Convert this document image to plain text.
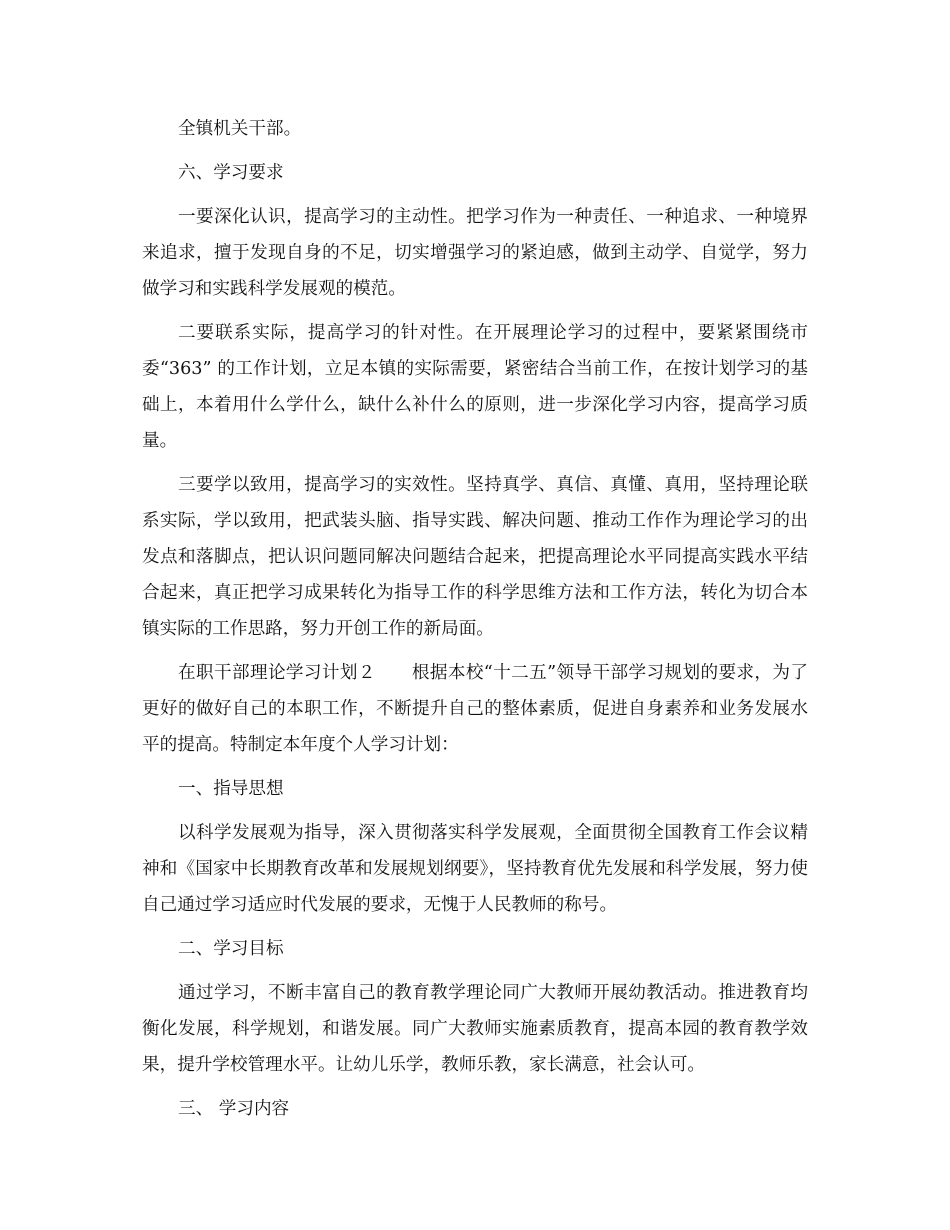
全镇机关干部。

六、学习要求

一要深化认识，提高学习的主动性。把学习作为一种责任、一种追求、一种境界来追求，擅于发现自身的不足，切实增强学习的紧迫感，做到主动学、自觉学，努力做学习和实践科学发展观的模范。

二要联系实际，提高学习的针对性。在开展理论学习的过程中，要紧紧围绕市委“363” 的工作计划，立足本镇的实际需要，紧密结合当前工作，在按计划学习的基础上，本着用什么学什么，缺什么补什么的原则，进一步深化学习内容，提高学习质量。

三要学以致用，提高学习的实效性。坚持真学、真信、真懂、真用，坚持理论联系实际，学以致用，把武装头脑、指导实践、解决问题、推动工作作为理论学习的出发点和落脚点，把认识问题同解决问题结合起来，把提高理论水平同提高实践水平结合起来，真正把学习成果转化为指导工作的科学思维方法和工作方法，转化为切合本镇实际的工作思路，努力开创工作的新局面。

在职干部理论学习计划２　　根据本校“十二五”领导干部学习规划的要求，为了更好的做好自己的本职工作，不断提升自己的整体素质，促进自身素养和业务发展水平的提高。特制定本年度个人学习计划：

一、指导思想

以科学发展观为指导，深入贯彻落实科学发展观，全面贯彻全国教育工作会议精神和《国家中长期教育改革和发展规划纲要》，坚持教育优先发展和科学发展，努力使自己通过学习适应时代发展的要求，无愧于人民教师的称号。

二、学习目标

通过学习，不断丰富自己的教育教学理论同广大教师开展幼教活动。推进教育均衡化发展，科学规划，和谐发展。同广大教师实施素质教育，提高本园的教育教学效果，提升学校管理水平。让幼儿乐学，教师乐教，家长满意，社会认可。

三、 学习内容
